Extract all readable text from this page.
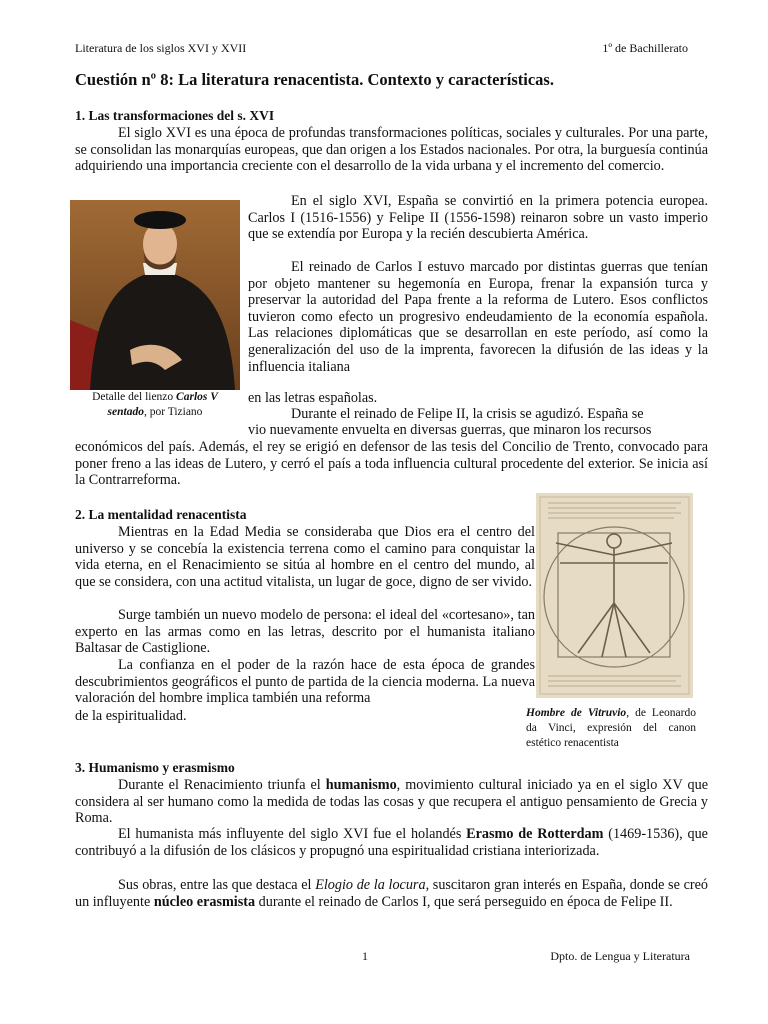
Literatura de los siglos XVI y XVII	1º de Bachillerato
Cuestión nº 8: La literatura renacentista. Contexto y características.
1. Las transformaciones del s. XVI

El siglo XVI es una época de profundas transformaciones políticas, sociales y culturales. Por una parte, se consolidan las monarquías europeas, que dan origen a los Estados nacionales. Por otra, la burguesía continúa adquiriendo una importancia creciente con el desarrollo de la vida urbana y el incremento del comercio.

En el siglo XVI, España se convirtió en la primera potencia europea. Carlos I (1516-1556) y Felipe II (1556-1598) reinaron sobre un vasto imperio que se extendía por Europa y la recién descubierta América.

El reinado de Carlos I estuvo marcado por distintas guerras que tenían por objeto mantener su hegemonía en Europa, frenar la expansión turca y preservar la autoridad del Papa frente a la reforma de Lutero. Esos conflictos tuvieron como efecto un progresivo endeudamiento de la economía española. Las relaciones diplomáticas que se desarrollan en este período, así como la generalización del uso de la imprenta, favorecen la difusión de las ideas y la influencia italiana

Detalle del lienzo Carlos V sentado, por Tiziano
en las letras españolas.
Durante el reinado de Felipe II, la crisis se agudizó. España se
vio nuevamente envuelta en diversas guerras, que minaron los recursos

económicos del país. Además, el rey se erigió en defensor de las tesis del Concilio de Trento, convocado para poner freno a las ideas de Lutero, y cerró el país a toda influencia cultural procedente del exterior. Se inicia así la Contrarreforma.

2. La mentalidad renacentista

Mientras en la Edad Media se consideraba que Dios era el centro del universo y se concebía la existencia terrena como el camino para conquistar la vida eterna, en el Renacimiento se sitúa al hombre en el centro del mundo, al que se considera, con una actitud vitalista, un lugar de goce, digno de ser vivido.

Surge también un nuevo modelo de persona: el ideal del «cortesano», tan experto en las armas como en las letras, descrito por el humanista italiano Baltasar de Castiglione.

La confianza en el poder de la razón hace de esta época de grandes descubrimientos geográficos el punto de partida de la ciencia moderna. La nueva valoración del hombre implica también una reforma

de la espiritualidad.	Hombre de Vitruvio, de Leonardo da Vinci, expresión del canon estético renacentista
3. Humanismo y erasmismo

Durante el Renacimiento triunfa el humanismo, movimiento cultural iniciado ya en el siglo XV que considera al ser humano como la medida de todas las cosas y que recupera el antiguo pensamiento de Grecia y Roma.

El humanista más influyente del siglo XVI fue el holandés Erasmo de Rotterdam (1469-1536), que contribuyó a la difusión de los clásicos y propugnó una espiritualidad cristiana interiorizada.

Sus obras, entre las que destaca el Elogio de la locura, suscitaron gran interés en España, donde se creó un influyente núcleo erasmista durante el reinado de Carlos I, que será perseguido en época de Felipe II.

1	Dpto. de Lengua y Literatura
